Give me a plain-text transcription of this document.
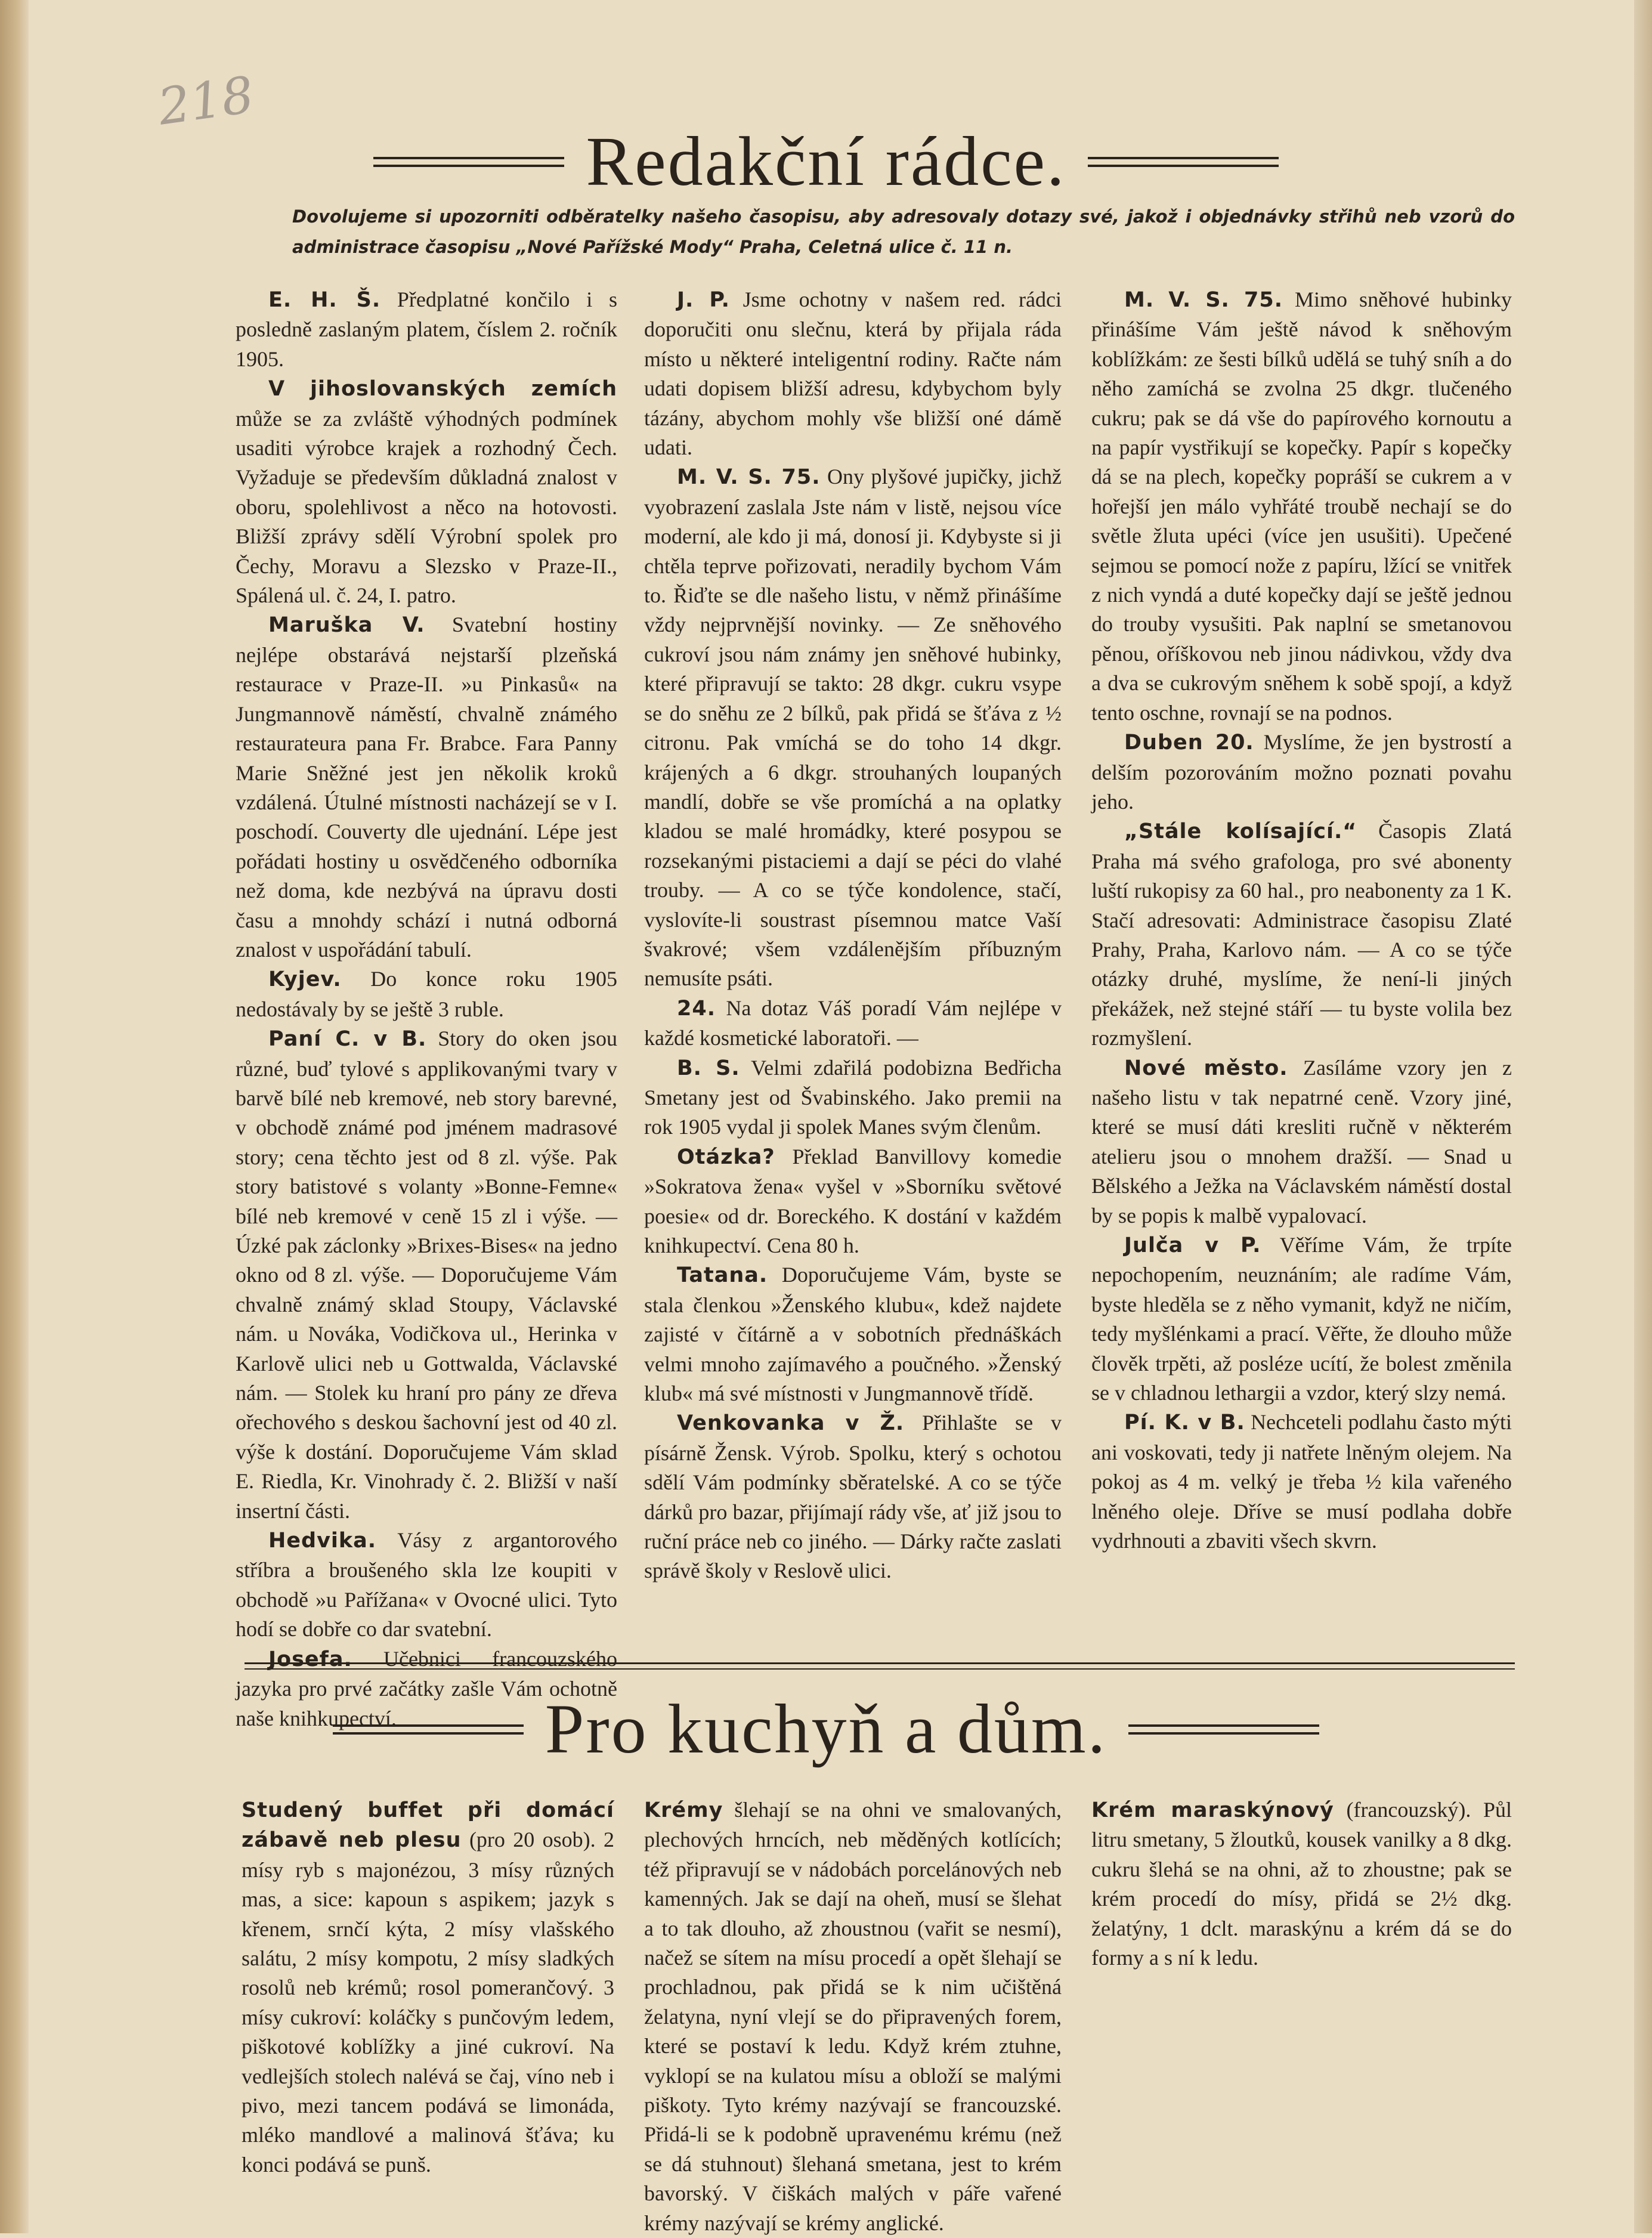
218
Redakční rádce.
Dovolujeme si upozorniti odběratelky našeho časopisu, aby adresovaly dotazy své, jakož i objednávky střihů neb vzorů do administrace časopisu „Nové Pařížské Mody“ Praha, Celetná ulice č. 11 n.

E. H. Š. Předplatné končilo i s posledně zaslaným platem, číslem 2. ročník 1905.

V jihoslovanských zemích může se za zvláště výhodných podmínek usaditi výrobce krajek a rozhodný Čech. Vyžaduje se především důkladná znalost v oboru, spolehlivost a něco na hotovosti. Bližší zprávy sdělí Výrobní spolek pro Čechy, Moravu a Slezsko v Praze-II., Spálená ul. č. 24, I. patro.

Maruška V. Svatební hostiny nejlépe obstarává nejstarší plzeňská restaurace v Praze-II. »u Pinkasů« na Jungmannově náměstí, chvalně známého restaurateura pana Fr. Brabce. Fara Panny Marie Sněžné jest jen několik kroků vzdálená. Útulné místnosti nacházejí se v I. poschodí. Couverty dle ujednání. Lépe jest pořádati hostiny u osvědčeného odborníka než doma, kde nezbývá na úpravu dosti času a mnohdy schází i nutná odborná znalost v uspořádání tabulí.

Kyjev. Do konce roku 1905 nedostávaly by se ještě 3 ruble.

Paní C. v B. Story do oken jsou různé, buď tylové s applikovanými tvary v barvě bílé neb kremové, neb story barevné, v obchodě známé pod jménem madrasové story; cena těchto jest od 8 zl. výše. Pak story batistové s volanty »Bonne-Femne« bílé neb kremové v ceně 15 zl i výše. — Úzké pak záclonky »Brixes-Bises« na jedno okno od 8 zl. výše. — Doporučujeme Vám chvalně známý sklad Stoupy, Václavské nám. u Nováka, Vodičkova ul., Herinka v Karlově ulici neb u Gottwalda, Václavské nám. — Stolek ku hraní pro pány ze dřeva ořechového s deskou šachovní jest od 40 zl. výše k dostání. Doporučujeme Vám sklad E. Riedla, Kr. Vinohrady č. 2. Bližší v naší insertní části.

Hedvika. Vásy z argantorového stříbra a broušeného skla lze koupiti v obchodě »u Pařížana« v Ovocné ulici. Tyto hodí se dobře co dar svatební.

Josefa. Učebnici francouzského jazyka pro prvé začátky zašle Vám ochotně naše knihkupectví.

J. P. Jsme ochotny v našem red. rádci doporučiti onu slečnu, která by přijala ráda místo u některé inteligentní rodiny. Račte nám udati dopisem bližší adresu, kdybychom byly tázány, abychom mohly vše bližší oné dámě udati.

M. V. S. 75. Ony plyšové jupičky, jichž vyobrazení zaslala Jste nám v listě, nejsou více moderní, ale kdo ji má, donosí ji. Kdybyste si ji chtěla teprve pořizovati, neradily bychom Vám to. Řiďte se dle našeho listu, v němž přinášíme vždy nejprvnější novinky. — Ze sněhového cukroví jsou nám známy jen sněhové hubinky, které připravují se takto: 28 dkgr. cukru vsype se do sněhu ze 2 bílků, pak přidá se šťáva z ½ citronu. Pak vmíchá se do toho 14 dkgr. krájených a 6 dkgr. strouhaných loupaných mandlí, dobře se vše promíchá a na oplatky kladou se malé hromádky, které posypou se rozsekanými pistaciemi a dají se péci do vlahé trouby. — A co se týče kondolence, stačí, vyslovíte-li soustrast písemnou matce Vaší švakrové; všem vzdálenějším příbuzným nemusíte psáti.

24. Na dotaz Váš poradí Vám nejlépe v každé kosmetické laboratoři. —

B. S. Velmi zdařilá podobizna Bedřicha Smetany jest od Švabinského. Jako premii na rok 1905 vydal ji spolek Manes svým členům.

Otázka? Překlad Banvillovy komedie »Sokratova žena« vyšel v »Sborníku světové poesie« od dr. Boreckého. K dostání v každém knihkupectví. Cena 80 h.

Tatana. Doporučujeme Vám, byste se stala členkou »Ženského klubu«, kdež najdete zajisté v čítárně a v sobotních přednáškách velmi mnoho zajímavého a poučného. »Ženský klub« má své místnosti v Jungmannově třídě.

Venkovanka v Ž. Přihlašte se v písárně Žensk. Výrob. Spolku, který s ochotou sdělí Vám podmínky sběratelské. A co se týče dárků pro bazar, přijímají rády vše, ať již jsou to ruční práce neb co jiného. — Dárky račte zaslati správě školy v Reslově ulici.

M. V. S. 75. Mimo sněhové hubinky přinášíme Vám ještě návod k sněhovým koblížkám: ze šesti bílků udělá se tuhý sníh a do něho zamíchá se zvolna 25 dkgr. tlučeného cukru; pak se dá vše do papírového kornoutu a na papír vystřikují se kopečky. Papír s kopečky dá se na plech, kopečky popráší se cukrem a v hořejší jen málo vyhřáté troubě nechají se do světle žluta upéci (více jen usušiti). Upečené sejmou se pomocí nože z papíru, lžící se vnitřek z nich vyndá a duté kopečky dají se ještě jednou do trouby vysušiti. Pak naplní se smetanovou pěnou, oříškovou neb jinou nádivkou, vždy dva a dva se cukrovým sněhem k sobě spojí, a když tento oschne, rovnají se na podnos.

Duben 20. Myslíme, že jen bystrostí a delším pozorováním možno poznati povahu jeho.

„Stále kolísající.“ Časopis Zlatá Praha má svého grafologa, pro své abonenty luští rukopisy za 60 hal., pro neabonenty za 1 K. Stačí adresovati: Administrace časopisu Zlaté Prahy, Praha, Karlovo nám. — A co se týče otázky druhé, myslíme, že není-li jiných překážek, než stejné stáří — tu byste volila bez rozmyšlení.

Nové město. Zasíláme vzory jen z našeho listu v tak nepatrné ceně. Vzory jiné, které se musí dáti kresliti ručně v některém atelieru jsou o mnohem dražší. — Snad u Bělského a Ježka na Václavském náměstí dostal by se popis k malbě vypalovací.

Julča v P. Věříme Vám, že trpíte nepochopením, neuznáním; ale radíme Vám, byste hleděla se z něho vymanit, když ne ničím, tedy myšlénkami a prací. Věřte, že dlouho může člověk trpěti, až posléze ucítí, že bolest změnila se v chladnou lethargii a vzdor, který slzy nemá.

Pí. K. v B. Nechceteli podlahu často mýti ani voskovati, tedy ji natřete lněným olejem. Na pokoj as 4 m. velký je třeba ½ kila vařeného lněného oleje. Dříve se musí podlaha dobře vydrhnouti a zbaviti všech skvrn.

Pro kuchyň a dům.

Studený buffet při domácí zábavě neb plesu (pro 20 osob). 2 mísy ryb s majonézou, 3 mísy různých mas, a sice: kapoun s aspikem; jazyk s křenem, srnčí kýta, 2 mísy vlašského salátu, 2 mísy kompotu, 2 mísy sladkých rosolů neb krémů; rosol pomerančový. 3 mísy cukroví: koláčky s punčovým ledem, piškotové koblížky a jiné cukroví. Na vedlejších stolech nalévá se čaj, víno neb i pivo, mezi tancem podává se limonáda, mléko mandlové a malinová šťáva; ku konci podává se punš.

Krémy šlehají se na ohni ve smalovaných, plechových hrncích, neb měděných kotlících; též připravují se v nádobách porcelánových neb kamenných. Jak se dají na oheň, musí se šlehat a to tak dlouho, až zhoustnou (vařit se nesmí), načež se sítem na mísu procedí a opět šlehají se prochladnou, pak přidá se k nim učištěná želatyna, nyní vlejí se do připravených forem, které se postaví k ledu. Když krém ztuhne, vyklopí se na kulatou mísu a obloží se malými piškoty. Tyto krémy nazývají se francouzské. Přidá-li se k podobně upravenému krému (než se dá stuhnout) šlehaná smetana, jest to krém bavorský. V čiškách malých v páře vařené krémy nazývají se krémy anglické.

Krém maraskýnový (francouzský). Půl litru smetany, 5 žloutků, kousek vanilky a 8 dkg. cukru šlehá se na ohni, až to zhoustne; pak se krém procedí do mísy, přidá se 2½ dkg. želatýny, 1 dclt. maraskýnu a krém dá se do formy a s ní k ledu.
